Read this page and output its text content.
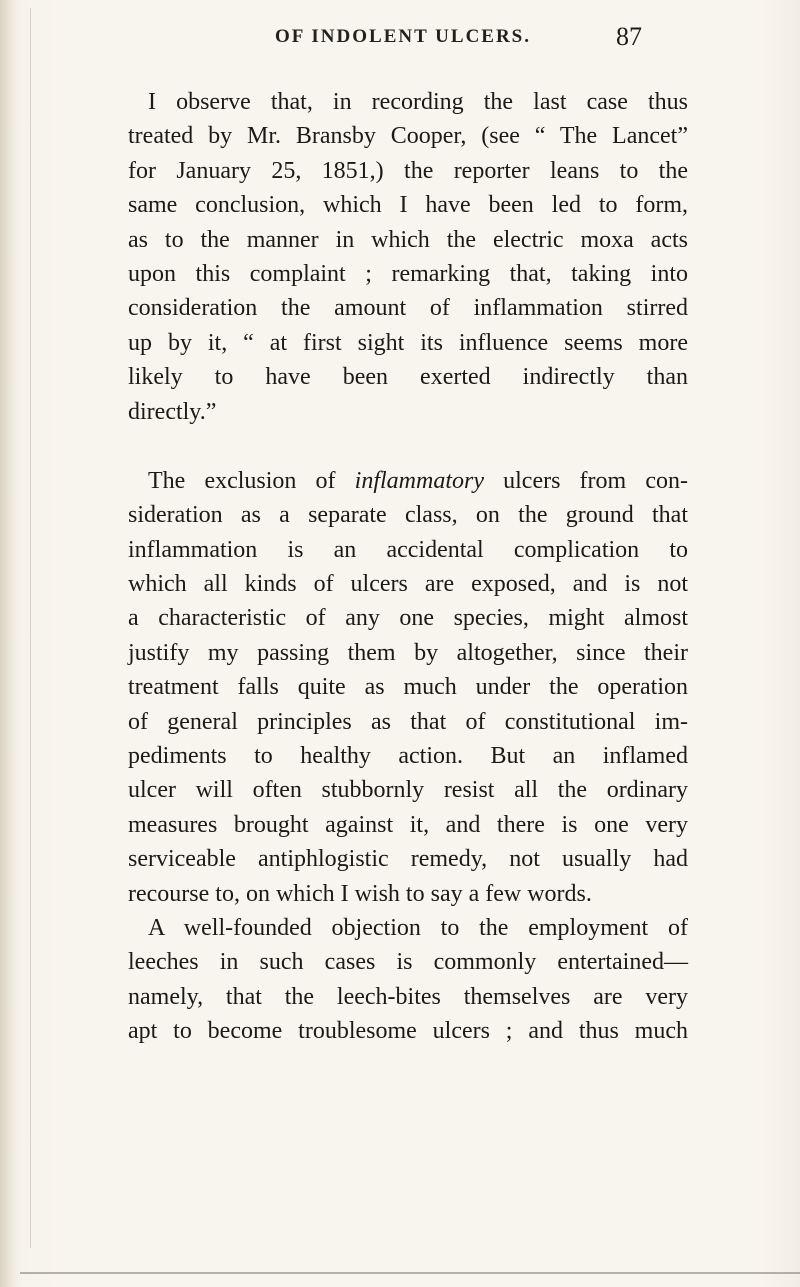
OF INDOLENT ULCERS.	87
I observe that, in recording the last case thus
treated by Mr. Bransby Cooper, (see “ The Lancet”
for January 25, 1851,) the reporter leans to the
same conclusion, which I have been led to form,
as to the manner in which the electric moxa acts
upon this complaint ; remarking that, taking into
consideration the amount of inflammation stirred
up by it, “ at first sight its influence seems more
likely to have been exerted indirectly than
directly.”
The exclusion of inflammatory ulcers from con-
sideration as a separate class, on the ground that
inflammation is an accidental complication to
which all kinds of ulcers are exposed, and is not
a characteristic of any one species, might almost
justify my passing them by altogether, since their
treatment falls quite as much under the operation
of general principles as that of constitutional im-
pediments to healthy action. But an inflamed
ulcer will often stubbornly resist all the ordinary
measures brought against it, and there is one very
serviceable antiphlogistic remedy, not usually had
recourse to, on which I wish to say a few words.
A well-founded objection to the employment of
leeches in such cases is commonly entertained—
namely, that the leech-bites themselves are very
apt to become troublesome ulcers ; and thus much
